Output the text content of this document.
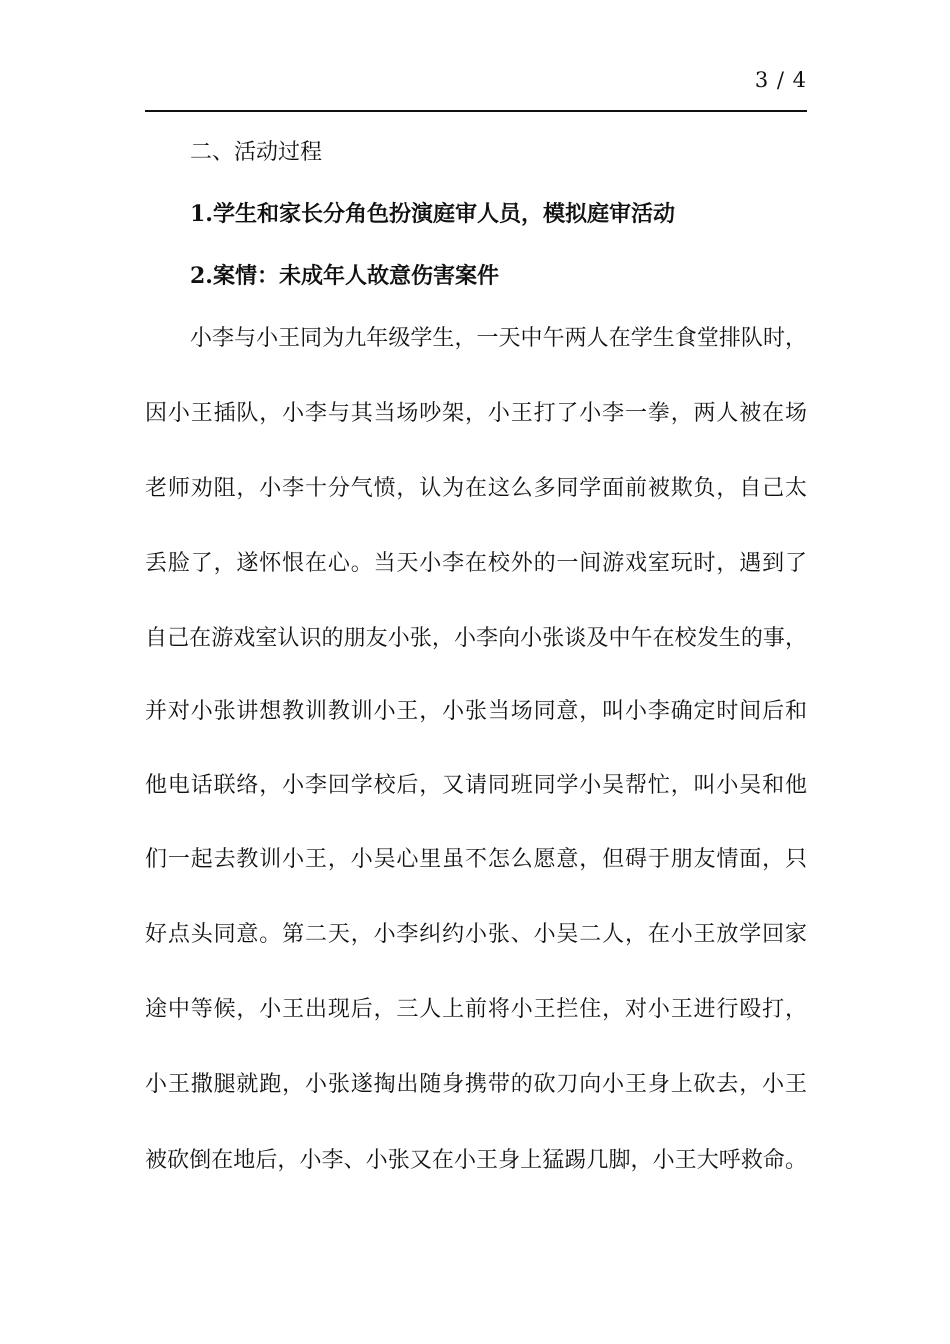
3 / 4
二、活动过程
1.学生和家长分角色扮演庭审人员，模拟庭审活动
2.案情：未成年人故意伤害案件
小李与小王同为九年级学生，一天中午两人在学生食堂排队时，
因小王插队，小李与其当场吵架，小王打了小李一拳，两人被在场
老师劝阻，小李十分气愤，认为在这么多同学面前被欺负，自己太
丢脸了，遂怀恨在心。当天小李在校外的一间游戏室玩时，遇到了
自己在游戏室认识的朋友小张，小李向小张谈及中午在校发生的事，
并对小张讲想教训教训小王，小张当场同意，叫小李确定时间后和
他电话联络，小李回学校后，又请同班同学小吴帮忙，叫小吴和他
们一起去教训小王，小吴心里虽不怎么愿意，但碍于朋友情面，只
好点头同意。第二天，小李纠约小张、小吴二人，在小王放学回家
途中等候，小王出现后，三人上前将小王拦住，对小王进行殴打，
小王撒腿就跑，小张遂掏出随身携带的砍刀向小王身上砍去，小王
被砍倒在地后，小李、小张又在小王身上猛踢几脚，小王大呼救命。
